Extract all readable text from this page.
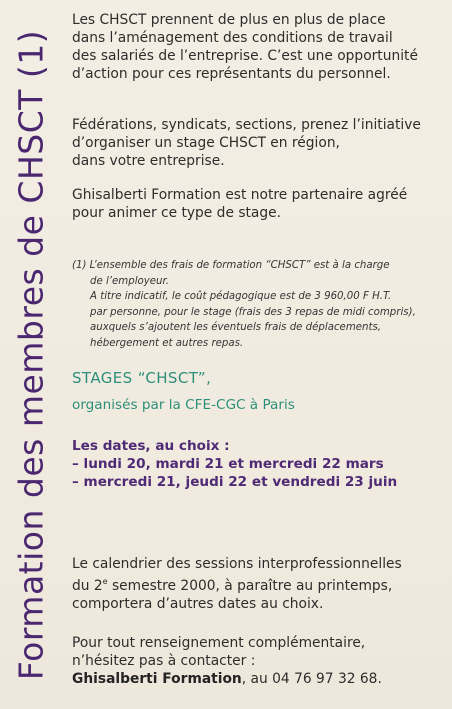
Formation des membres de CHSCT (1)

Les CHSCT prennent de plus en plus de place
dans l’aménagement des conditions de travail
des salariés de l’entreprise. C’est une opportunité
d’action pour ces représentants du personnel.

Fédérations, syndicats, sections, prenez l’initiative
d’organiser un stage CHSCT en région,
dans votre entreprise.

Ghisalberti Formation est notre partenaire agréé
pour animer ce type de stage.

(1) L’ensemble des frais de formation “CHSCT” est à la charge
de l’employeur.
A titre indicatif, le coût pédagogique est de 3 960,00 F H.T.
par personne, pour le stage (frais des 3 repas de midi compris),
auxquels s’ajoutent les éventuels frais de déplacements,
hébergement et autres repas.
STAGES “CHSCT”,
organisés par la CFE-CGC à Paris
Les dates, au choix :
– lundi 20, mardi 21 et mercredi 22 mars
– mercredi 21, jeudi 22 et vendredi 23 juin

Le calendrier des sessions interprofessionnelles
du 2e semestre 2000, à paraître au printemps,
comportera d’autres dates au choix.

Pour tout renseignement complémentaire,
n’hésitez pas à contacter :
Ghisalberti Formation, au 04 76 97 32 68.
